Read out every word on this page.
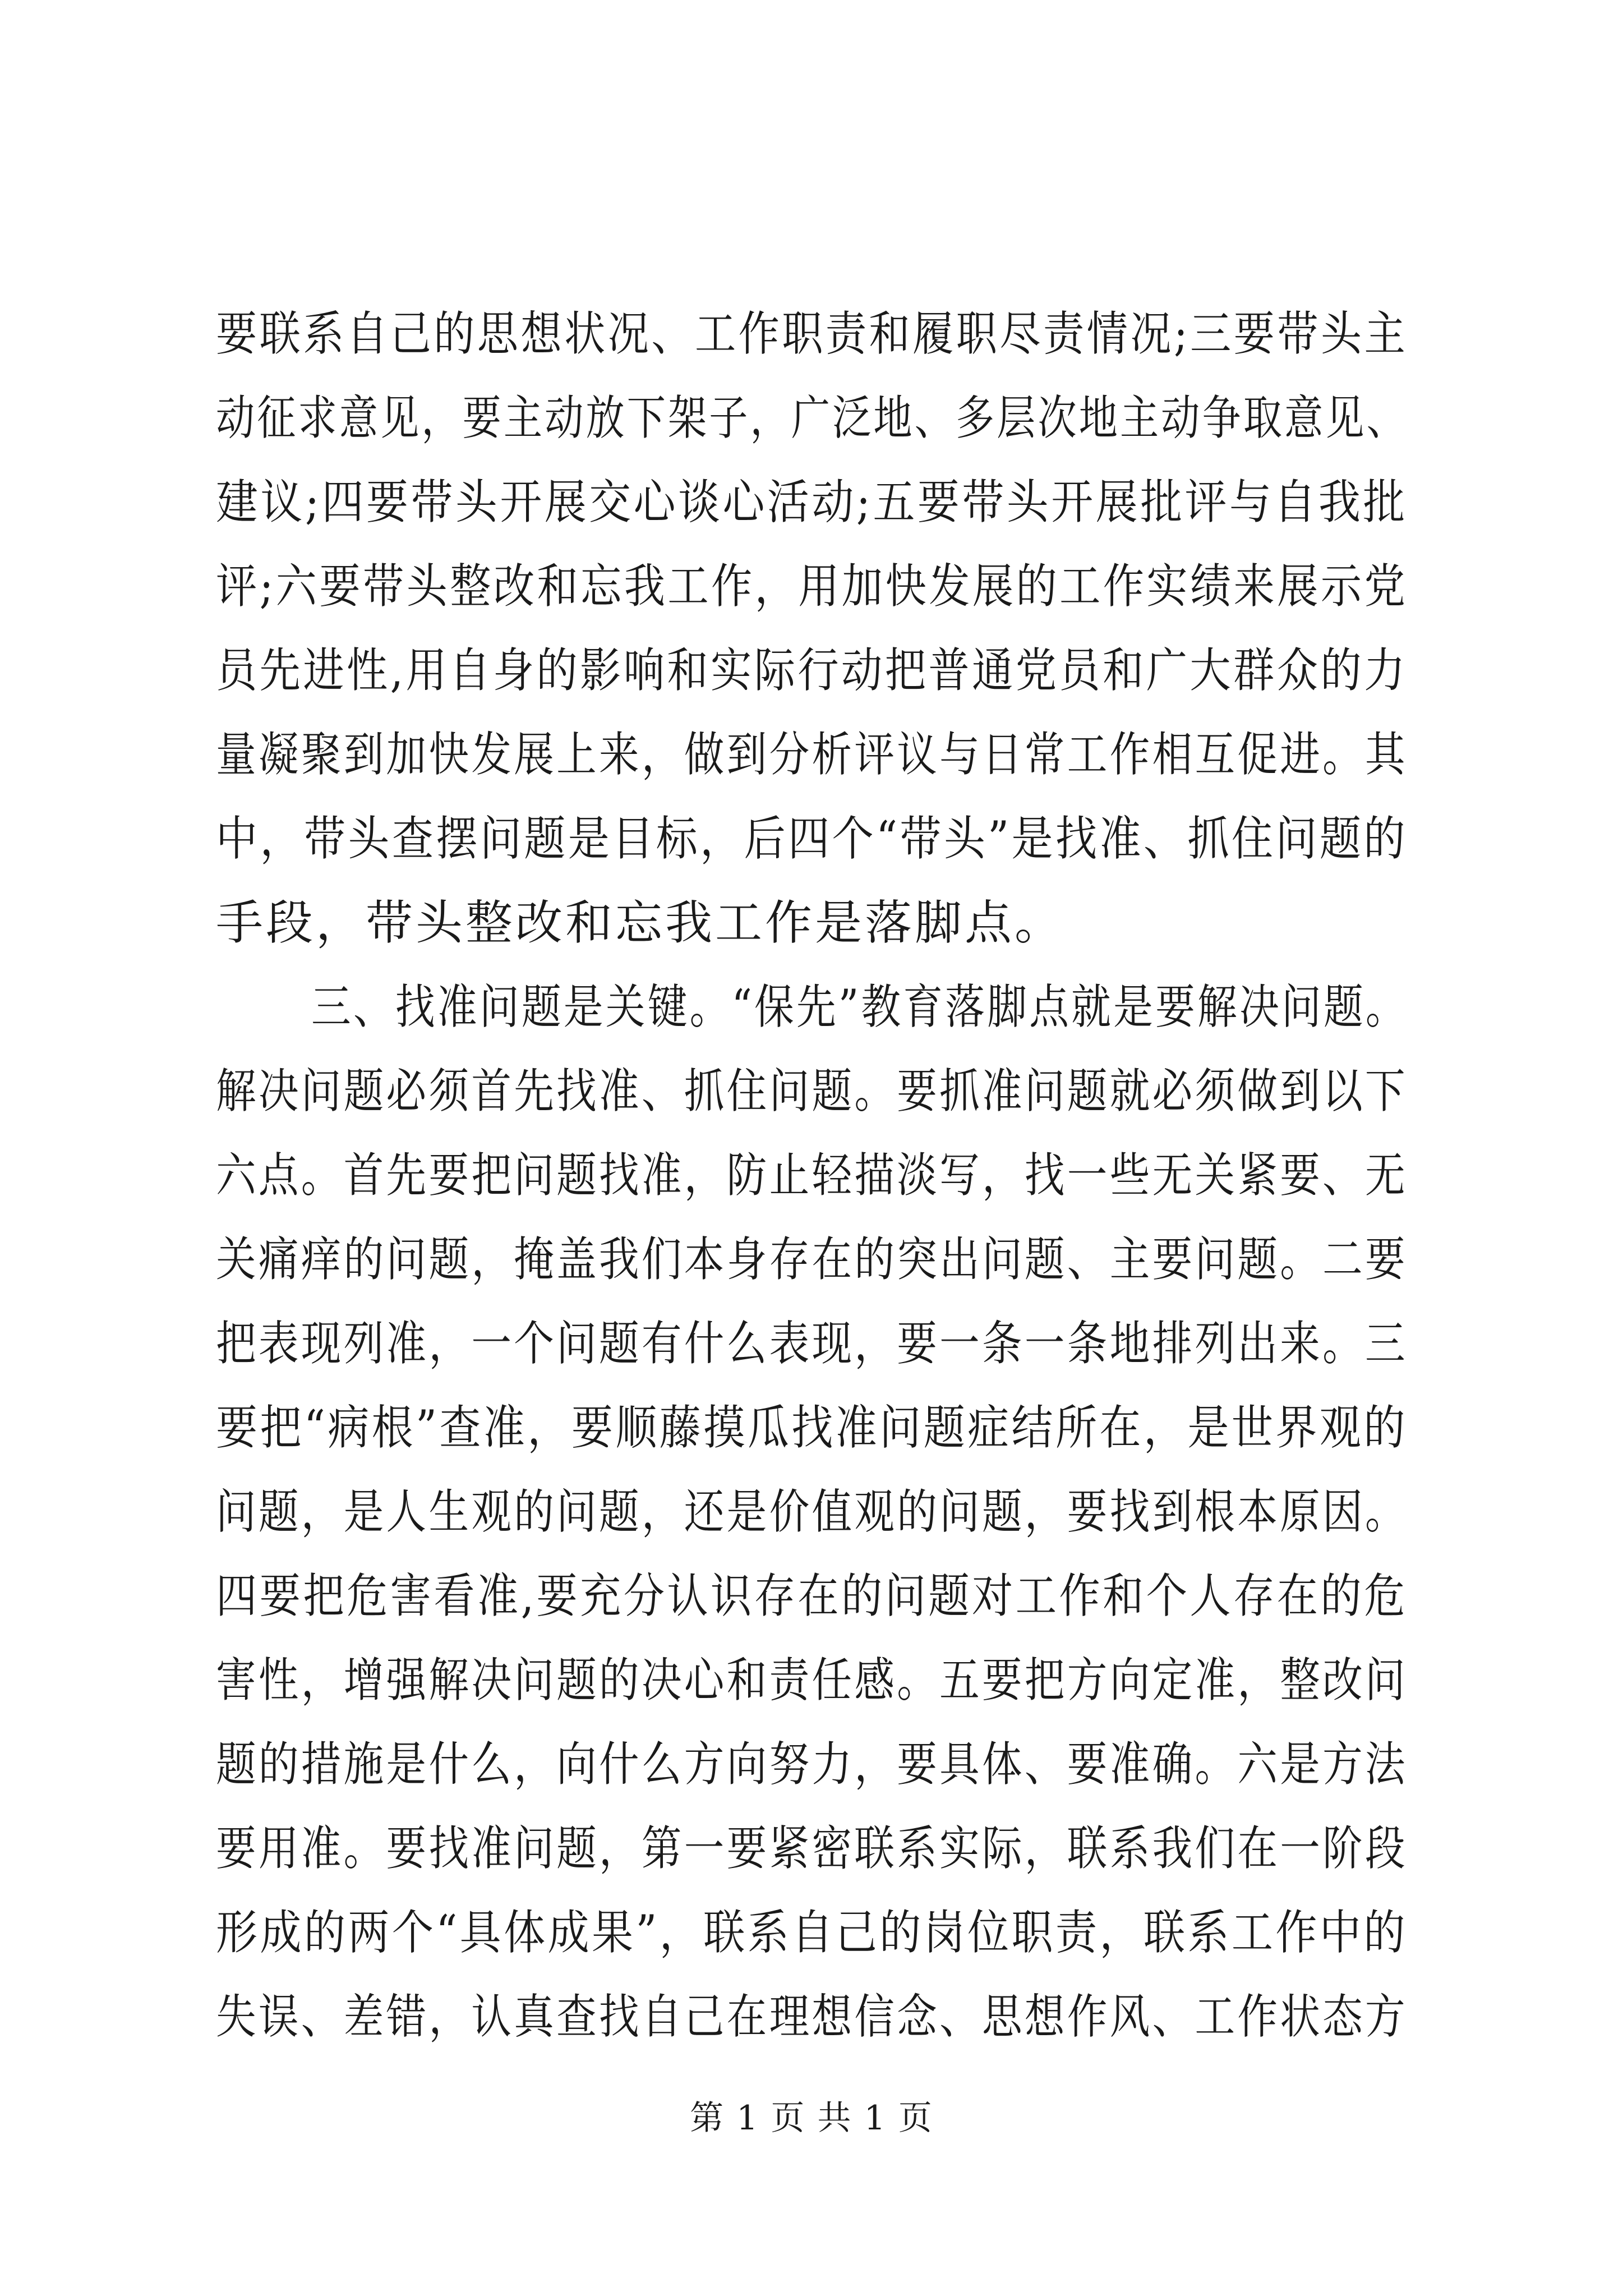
要联系自己的思想状况、工作职责和履职尽责情况;三要带头主
动征求意见，要主动放下架子，广泛地、多层次地主动争取意见、
建议;四要带头开展交心谈心活动;五要带头开展批评与自我批
评;六要带头整改和忘我工作，用加快发展的工作实绩来展示党
员先进性,用自身的影响和实际行动把普通党员和广大群众的力
量凝聚到加快发展上来，做到分析评议与日常工作相互促进。其
中，带头查摆问题是目标，后四个“带头”是找准、抓住问题的
手段，带头整改和忘我工作是落脚点。
三、找准问题是关键。“保先”教育落脚点就是要解决问题。
解决问题必须首先找准、抓住问题。要抓准问题就必须做到以下
六点。首先要把问题找准，防止轻描淡写，找一些无关紧要、无
关痛痒的问题，掩盖我们本身存在的突出问题、主要问题。二要
把表现列准，一个问题有什么表现，要一条一条地排列出来。三
要把“病根”查准，要顺藤摸瓜找准问题症结所在，是世界观的
问题，是人生观的问题，还是价值观的问题，要找到根本原因。
四要把危害看准,要充分认识存在的问题对工作和个人存在的危
害性，增强解决问题的决心和责任感。五要把方向定准，整改问
题的措施是什么，向什么方向努力，要具体、要准确。六是方法
要用准。要找准问题，第一要紧密联系实际，联系我们在一阶段
形成的两个“具体成果”，联系自己的岗位职责，联系工作中的
失误、差错，认真查找自己在理想信念、思想作风、工作状态方
第 1 页 共 1 页
